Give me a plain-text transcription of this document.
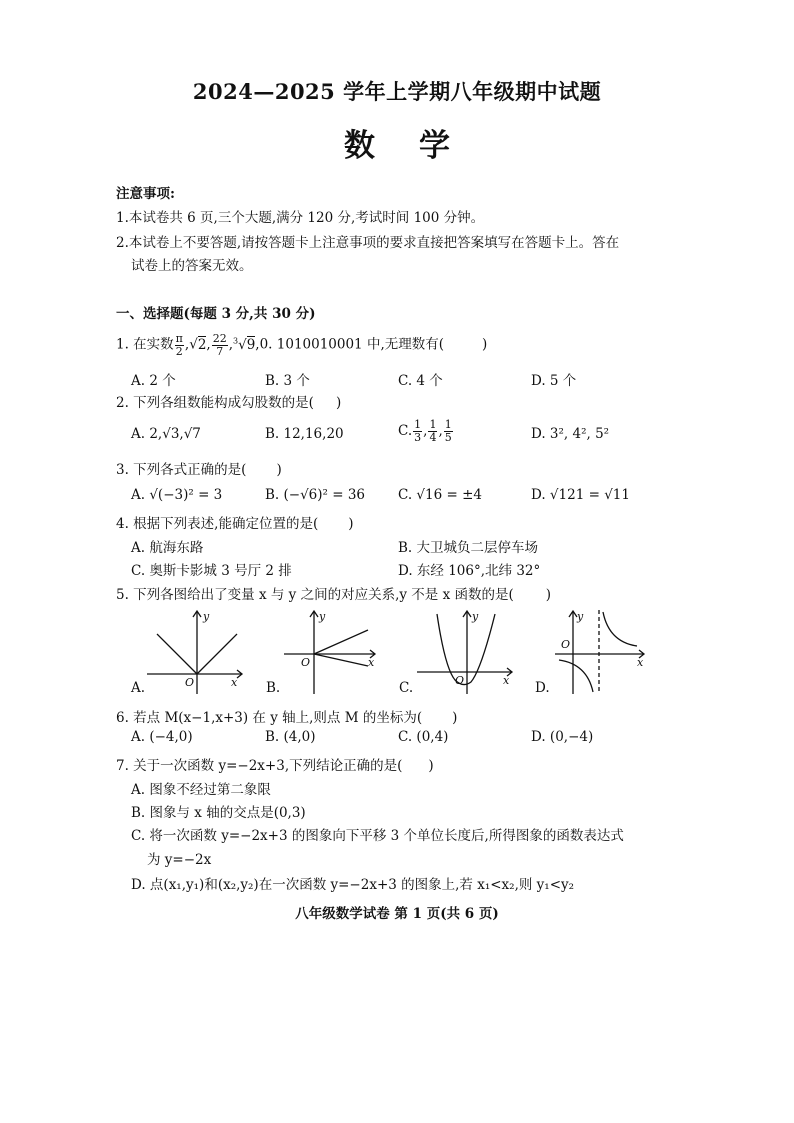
2024—2025 学年上学期八年级期中试题
数学
注意事项:
1.本试卷共 6 页,三个大题,满分 120 分,考试时间 100 分钟。
2.本试卷上不要答题,请按答题卡上注意事项的要求直接把答案填写在答题卡上。答在
试卷上的答案无效。
一、选择题(每题 3 分,共 30 分)
1. 在实数 $\frac{\pi}{2} ,√2$, $\frac{22}{7} ,^3√9,0$. 1010010001 中,无理数有(	)
A. 2 个	B. 3 个	C. 4 个	D. 5 个
2. 下列各组数能构成勾股数的是( )
A. 2,√3,√7	B. 12,16,20	C. $\frac{1}{3}$ , $\frac{1}{4}$ , $\frac{1}{5}$	D. 3², 4², 5²
3. 下列各式正确的是( )
A. √(−3)² = 3	B. (−√6)² = 36 C. √16 = ±4	D. √121 = √11
4. 根据下列表述,能确定位置的是( )
A. 航海东路	B. 大卫城负二层停车场
C. 奥斯卡影城 3 号厅 2 排	D. 东经 106°,北纬 32°
5. 下列各图给出了变量 x 与 y 之间的对应关系,y 不是 x 函数的是( )
y
x
O
A.
y
x
O
B.
y
x
O
C.
y
x
O
D.
6. 若点 M(x−1,x+3) 在 y 轴上,则点 M 的坐标为( )
A. (−4,0)	B. (4,0)	C. (0,4)	D. (0,−4)
7. 关于一次函数 y=−2x+3,下列结论正确的是( )
A. 图象不经过第二象限
B. 图象与 x 轴的交点是(0,3)
C. 将一次函数 y=−2x+3 的图象向下平移 3 个单位长度后,所得图象的函数表达式
为 y=−2x
D. 点(x₁,y₁)和(x₂,y₂)在一次函数 y=−2x+3 的图象上,若 x₁<x₂,则 y₁<y₂
八年级数学试卷 第 1 页(共 6 页)
